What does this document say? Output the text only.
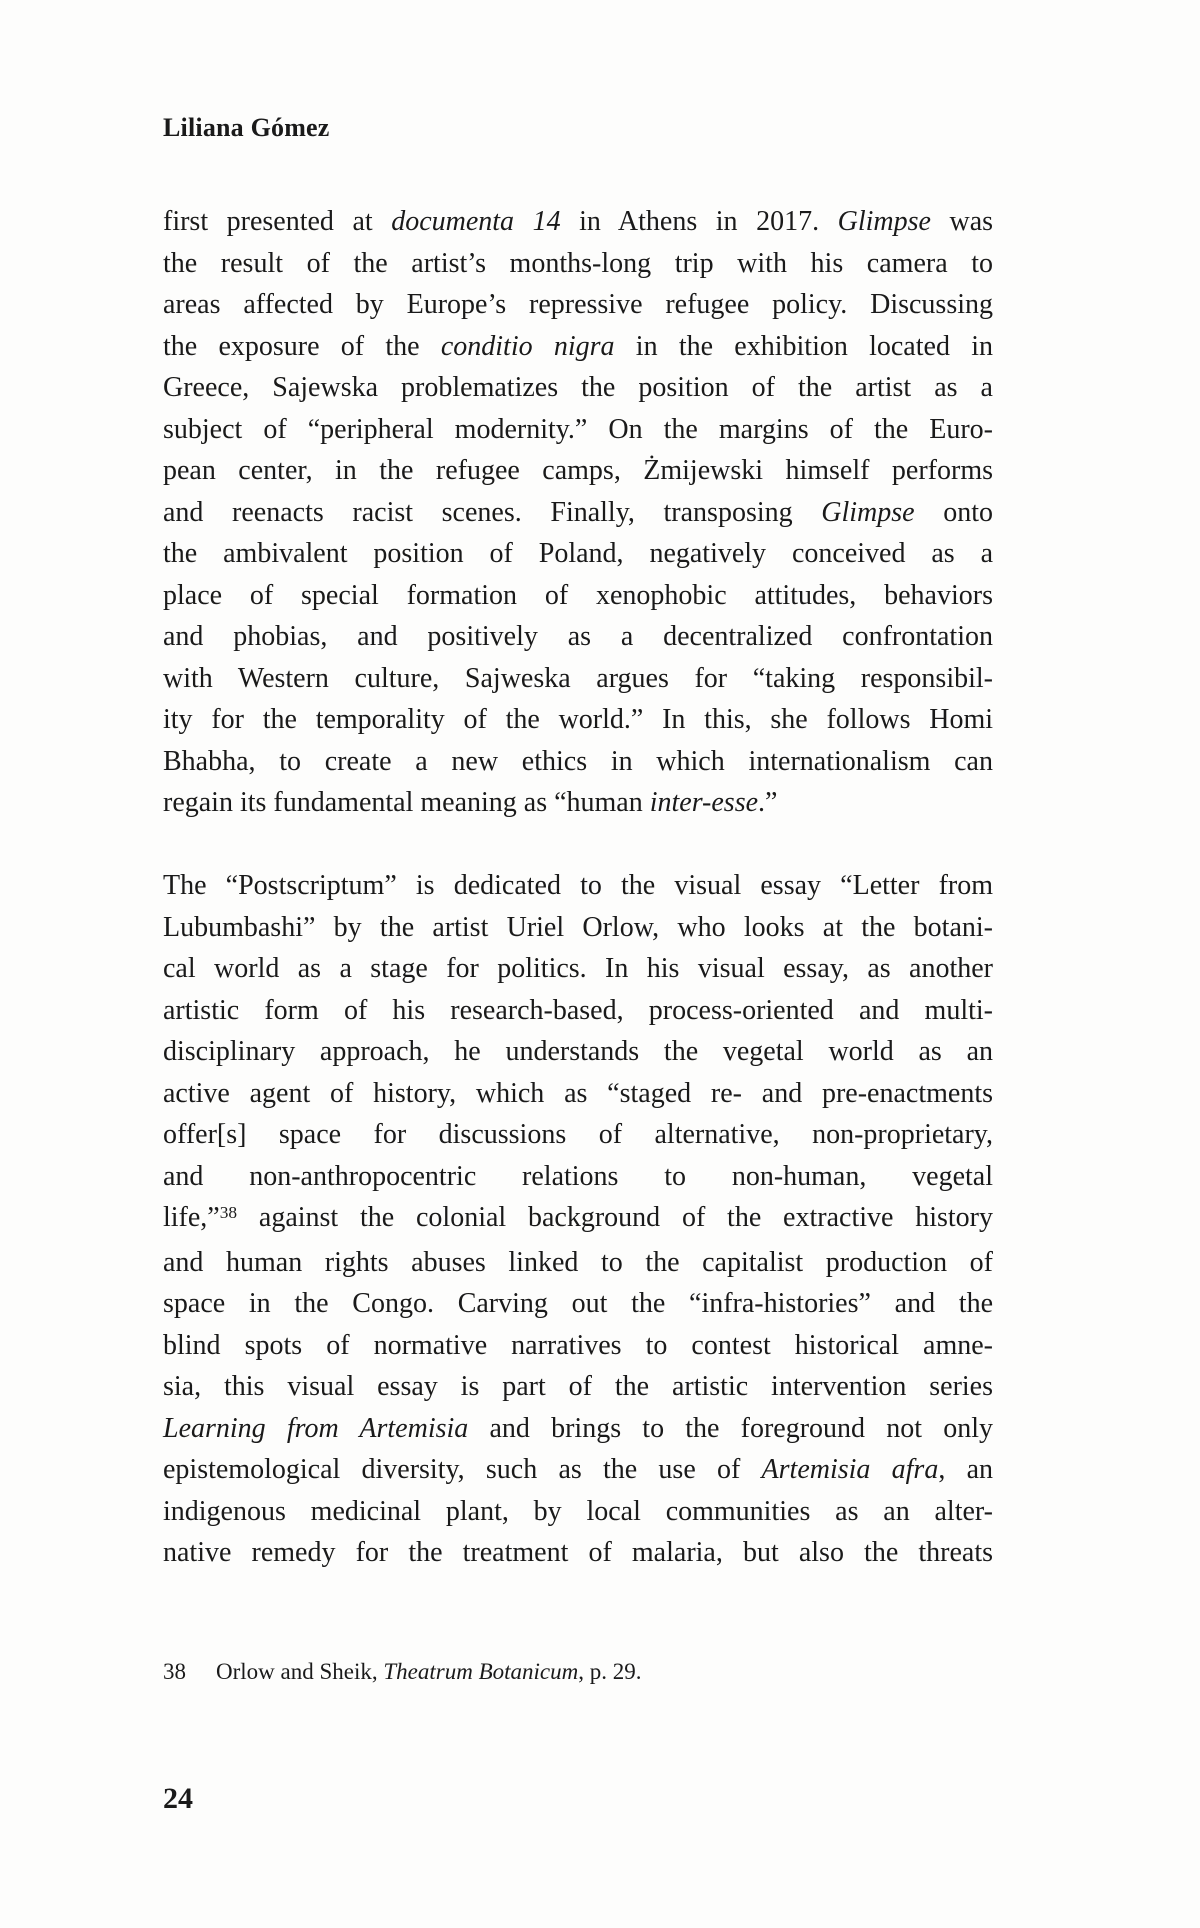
Liliana Gómez
first presented at documenta 14 in Athens in 2017. Glimpse was
the result of the artist’s months-long trip with his camera to
areas affected by Europe’s repressive refugee policy. Discussing
the exposure of the conditio nigra in the exhibition located in
Greece, Sajewska problematizes the position of the artist as a
subject of “peripheral modernity.” On the margins of the Euro-
pean center, in the refugee camps, Żmijewski himself performs
and reenacts racist scenes. Finally, transposing Glimpse onto
the ambivalent position of Poland, negatively conceived as a
place of special formation of xenophobic attitudes, behaviors
and phobias, and positively as a decentralized confrontation
with Western culture, Sajweska argues for “taking responsibil-
ity for the temporality of the world.” In this, she follows Homi
Bhabha, to create a new ethics in which internationalism can
regain its fundamental meaning as “human inter-esse.”
The “Postscriptum” is dedicated to the visual essay “Letter from
Lubumbashi” by the artist Uriel Orlow, who looks at the botani-
cal world as a stage for politics. In his visual essay, as another
artistic form of his research-based, process-oriented and multi-
disciplinary approach, he understands the vegetal world as an
active agent of history, which as “staged re- and pre-enactments
offer[s] space for discussions of alternative, non-proprietary,
and non-anthropocentric relations to non-human, vegetal
life,”$^{38}$ against the colonial background of the extractive history
and human rights abuses linked to the capitalist production of
space in the Congo. Carving out the “infra-histories” and the
blind spots of normative narratives to contest historical amne-
sia, this visual essay is part of the artistic intervention series
Learning from Artemisia and brings to the foreground not only
epistemological diversity, such as the use of Artemisia afra, an
indigenous medicinal plant, by local communities as an alter-
native remedy for the treatment of malaria, but also the threats
38 Orlow and Sheik, Theatrum Botanicum, p. 29.
24
